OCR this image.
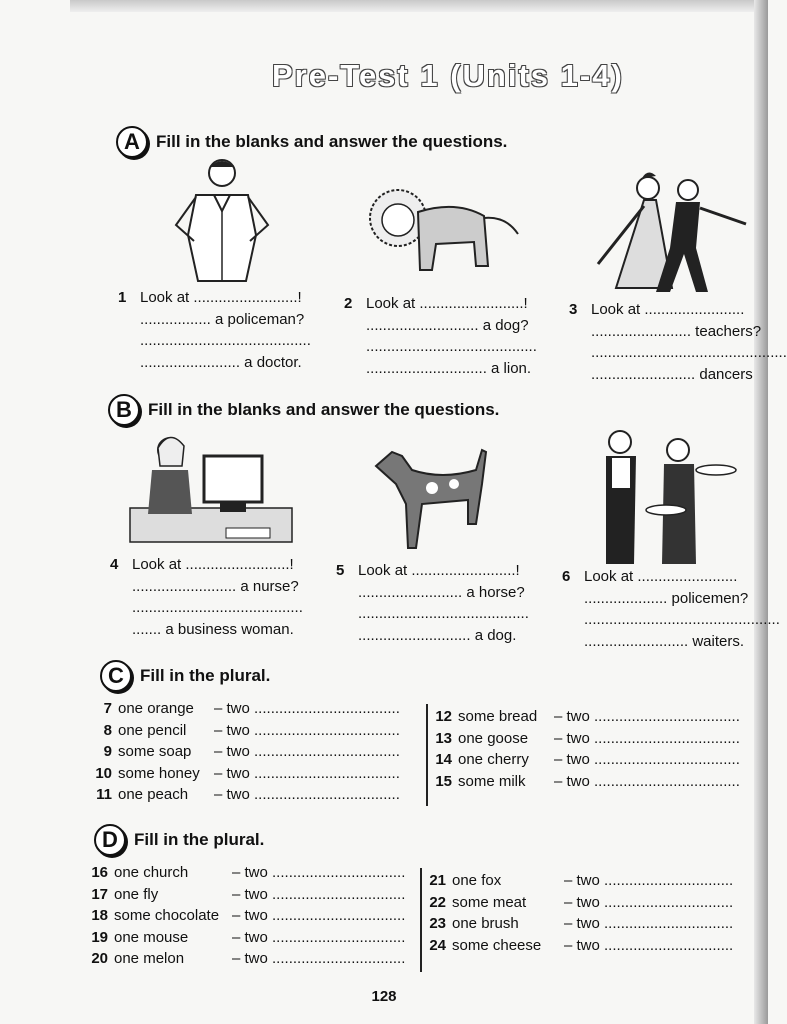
Pre-Test 1 (Units 1-4)
A Fill in the blanks and answer the questions.
1 Look at .........................!
................. a policeman?
.........................................
........................ a doctor.
2 Look at .........................!
........................... a dog?
.........................................
............................. a lion.
3 Look at ........................
........................ teachers?
...............................................
......................... dancers
B Fill in the blanks and answer the questions.
4 Look at .........................!
......................... a nurse?
.........................................
....... a business woman.
5 Look at .........................!
......................... a horse?
.........................................
........................... a dog.
6 Look at ........................
.................... policemen?
...............................................
......................... waiters.
C Fill in the plural.
7 one orange	– two ...................................
8 one pencil	– two ...................................
9 some soap	– two ...................................
10 some honey – two ...................................
11 one peach	– two ...................................
12 some bread	– two ...................................
13 one goose	– two ...................................
14 one cherry	– two ...................................
15 some milk	– two ...................................
D Fill in the plural.
16 one church	– two ................................
17 one fly	– two ................................
18 some chocolate – two ................................
19 one mouse	– two ................................
20 one melon	– two ................................
21 one fox	– two ...............................
22 some meat	– two ...............................
23 one brush	– two ...............................
24 some cheese	– two ...............................
128
